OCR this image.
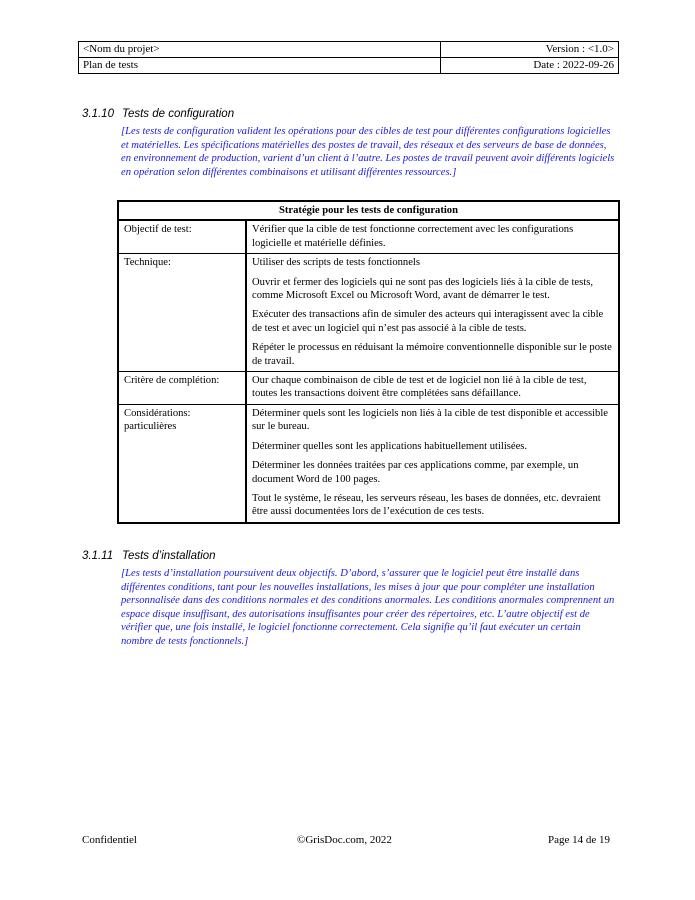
<Nom du projet>	Version : <1.0>
Plan de tests	Date : 2022-09-26
3.1.10 Tests de configuration
[Les tests de configuration valident les opérations pour des cibles de test pour différentes configurations logicielles et matérielles. Les spécifications matérielles des postes de travail, des réseaux et des serveurs de base de données, en environnement de production, varient d’un client à l’autre. Les postes de travail peuvent avoir différents logiciels en opération selon différentes combinaisons et utilisant différentes ressources.]
Stratégie pour les tests de configuration	
Objectif de test:	Vérifier que la cible de test fonctionne correctement avec les configurations logicielle et matérielle définies.

Technique:	Utiliser des scripts de tests fonctionnels

Ouvrir et fermer des logiciels qui ne sont pas des logiciels liés à la cible de tests, comme Microsoft Excel ou Microsoft Word, avant de démarrer le test.

Exécuter des transactions afin de simuler des acteurs qui interagissent avec la cible de test et avec un logiciel qui n’est pas associé à la cible de tests.

Répéter le processus en réduisant la mémoire conventionnelle disponible sur le poste de travail.

Critère de complétion:	Our chaque combinaison de cible de test et de logiciel non lié à la cible de test, toutes les transactions doivent être complétées sans défaillance.

Considérations: particulières	Déterminer quels sont les logiciels non liés à la cible de test disponible et accessible sur le bureau.

Déterminer quelles sont les applications habituellement utilisées.

Déterminer les données traitées par ces applications comme, par exemple, un document Word de 100 pages.

Tout le système, le réseau, les serveurs réseau, les bases de données, etc. devraient être aussi documentées lors de l’exécution de ces tests.

3.1.11 Tests d’installation
[Les tests d’installation poursuivent deux objectifs. D’abord, s’assurer que le logiciel peut être installé dans différentes conditions, tant pour les nouvelles installations, les mises à jour que pour compléter une installation personnalisée dans des conditions normales et des conditions anormales. Les conditions anormales comprennent un espace disque insuffisant, des autorisations insuffisantes pour créer des répertoires, etc. L’autre objectif est de vérifier que, une fois installé, le logiciel fonctionne correctement. Cela signifie qu’il faut exécuter un certain nombre de tests fonctionnels.]
Confidentiel	©GrisDoc.com, 2022	Page 14 de 19
